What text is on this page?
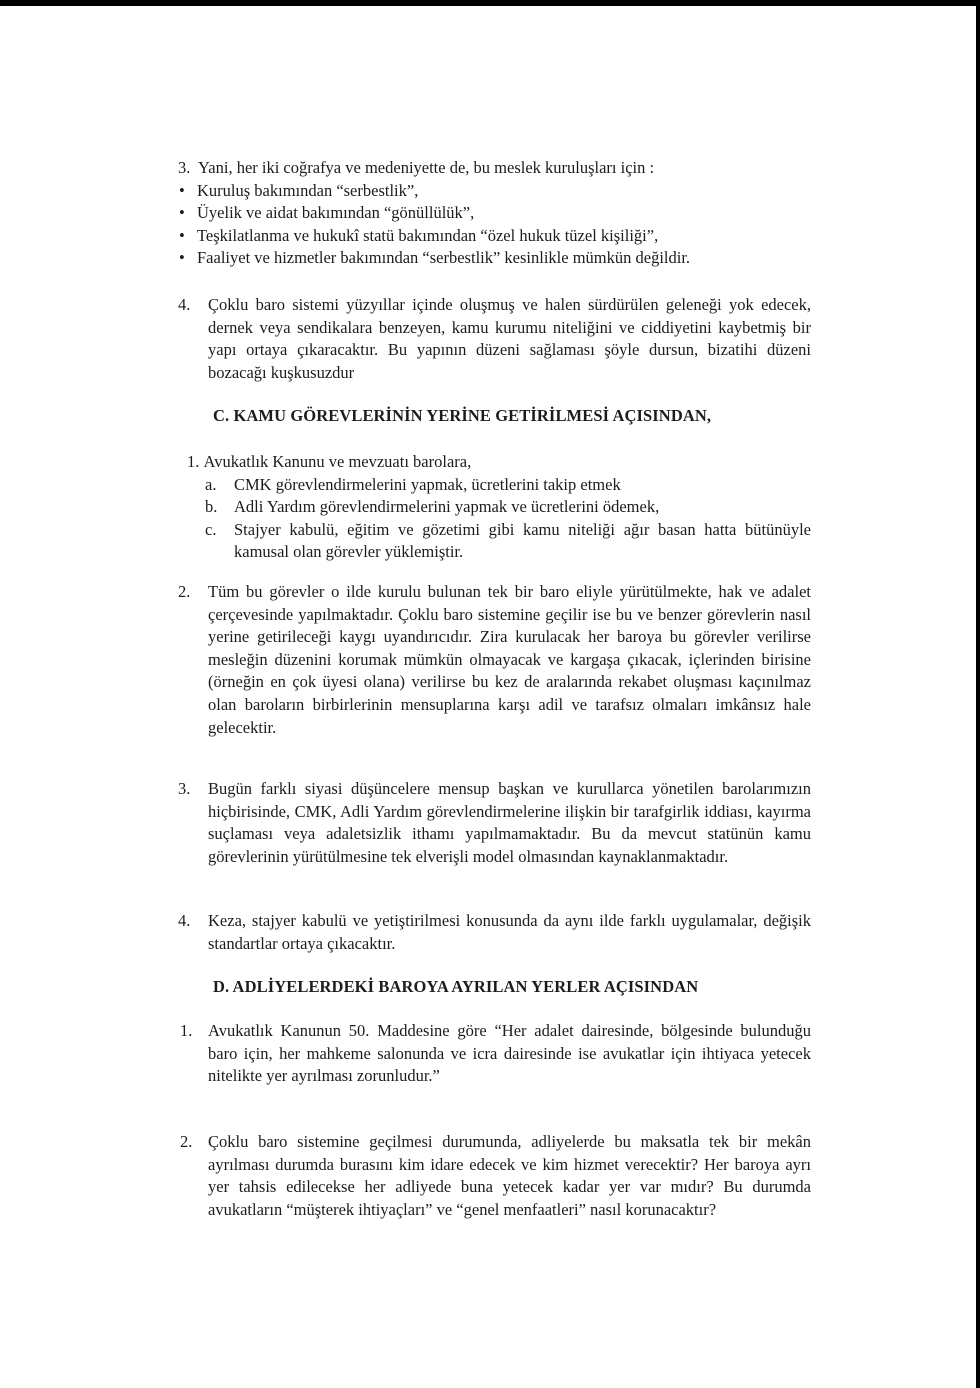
3. Yani, her iki coğrafya ve medeniyette de, bu meslek kuruluşları için :

• Kuruluş bakımından “serbestlik”,
• Üyelik ve aidat bakımından “gönüllülük”,
• Teşkilatlanma ve hukukî statü bakımından “özel hukuk tüzel kişiliği”,
• Faaliyet ve hizmetler bakımından “serbestlik” kesinlikle mümkün değildir.
4. Çoklu baro sistemi yüzyıllar içinde oluşmuş ve halen sürdürülen geleneği yok edecek, dernek veya sendikalara benzeyen, kamu kurumu niteliğini ve ciddiyetini kaybetmiş bir yapı ortaya çıkaracaktır. Bu yapının düzeni sağlaması şöyle dursun, bizatihi düzeni bozacağı kuşkusuzdur

C. KAMU GÖREVLERİNİN YERİNE GETİRİLMESİ AÇISINDAN,

1. Avukatlık Kanunu ve mevzuatı barolara,

a. CMK görevlendirmelerini yapmak, ücretlerini takip etmek

b. Adli Yardım görevlendirmelerini yapmak ve ücretlerini ödemek,

c. Stajyer kabulü, eğitim ve gözetimi gibi kamu niteliği ağır basan hatta bütünüyle kamusal olan görevler yüklemiştir.

2. Tüm bu görevler o ilde kurulu bulunan tek bir baro eliyle yürütülmekte, hak ve adalet çerçevesinde yapılmaktadır. Çoklu baro sistemine geçilir ise bu ve benzer görevlerin nasıl yerine getirileceği kaygı uyandırıcıdır. Zira kurulacak her baroya bu görevler verilirse mesleğin düzenini korumak mümkün olmayacak ve kargaşa çıkacak, içlerinden birisine (örneğin en çok üyesi olana) verilirse bu kez de aralarında rekabet oluşması kaçınılmaz olan baroların birbirlerinin mensuplarına karşı adil ve tarafsız olmaları imkânsız hale gelecektir.

3. Bugün farklı siyasi düşüncelere mensup başkan ve kurullarca yönetilen barolarımızın hiçbirisinde, CMK, Adli Yardım görevlendirmelerine ilişkin bir tarafgirlik iddiası, kayırma suçlaması veya adaletsizlik ithamı yapılmamaktadır. Bu da mevcut statünün kamu görevlerinin yürütülmesine tek elverişli model olmasından kaynaklanmaktadır.

4. Keza, stajyer kabulü ve yetiştirilmesi konusunda da aynı ilde farklı uygulamalar, değişik standartlar ortaya çıkacaktır.

D. ADLİYELERDEKİ BAROYA AYRILAN YERLER AÇISINDAN
1. Avukatlık Kanunun 50. Maddesine göre “Her adalet dairesinde, bölgesinde bulunduğu baro için, her mahkeme salonunda ve icra dairesinde ise avukatlar için ihtiyaca yetecek nitelikte yer ayrılması zorunludur.”

2. Çoklu baro sistemine geçilmesi durumunda, adliyelerde bu maksatla tek bir mekân ayrılması durumda burasını kim idare edecek ve kim hizmet verecektir? Her baroya ayrı yer tahsis edilecekse her adliyede buna yetecek kadar yer var mıdır? Bu durumda avukatların “müşterek ihtiyaçları” ve “genel menfaatleri” nasıl korunacaktır?
